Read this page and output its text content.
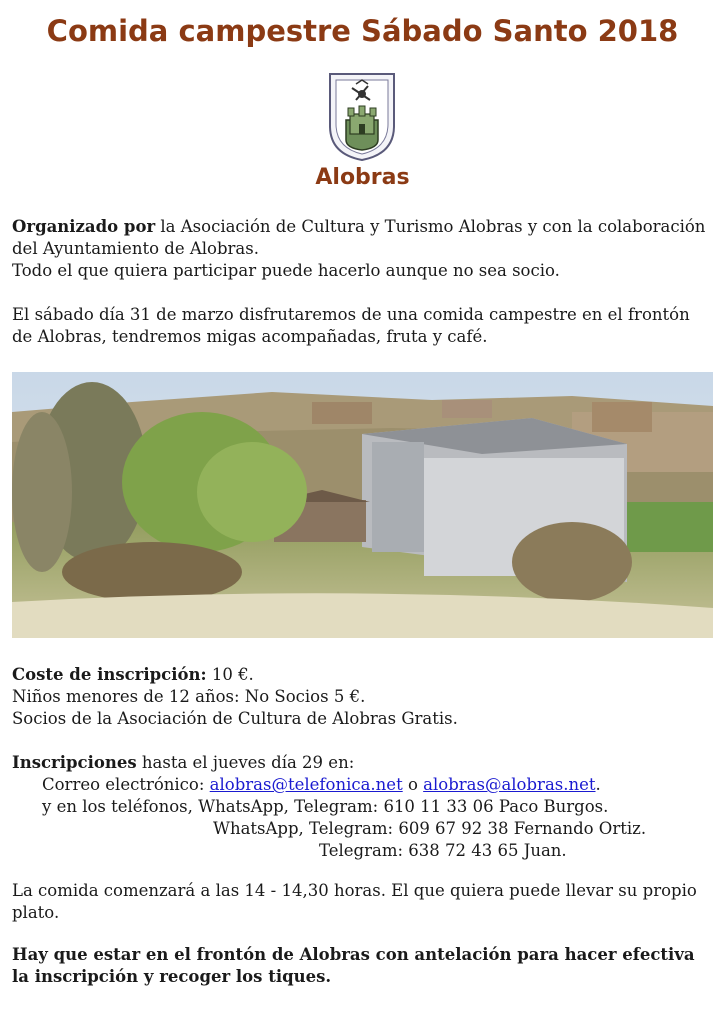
Comida campestre Sábado Santo 2018
Alobras

Organizado por la Asociación de Cultura y Turismo Alobras y con la colaboración del Ayuntamiento de Alobras.

Todo el que quiera participar puede hacerlo aunque no sea socio.

El sábado día 31 de marzo disfrutaremos de una comida campestre en el frontón de Alobras, tendremos migas acompañadas, fruta y café.

Coste de inscripción: 10 €.

Niños menores de 12 años: No Socios 5 €.

Socios de la Asociación de Cultura de Alobras Gratis.

Inscripciones hasta el jueves día 29 en:

Correo electrónico: alobras@telefonica.net o alobras@alobras.net.

y en los teléfonos, WhatsApp, Telegram: 610 11 33 06 Paco Burgos.

WhatsApp, Telegram: 609 67 92 38 Fernando Ortiz.

Telegram: 638 72 43 65 Juan.

La comida comenzará a las 14 - 14,30 horas. El que quiera puede llevar su propio plato.

Hay que estar en el frontón de Alobras con antelación para hacer efectiva la inscripción y recoger los tiques.
